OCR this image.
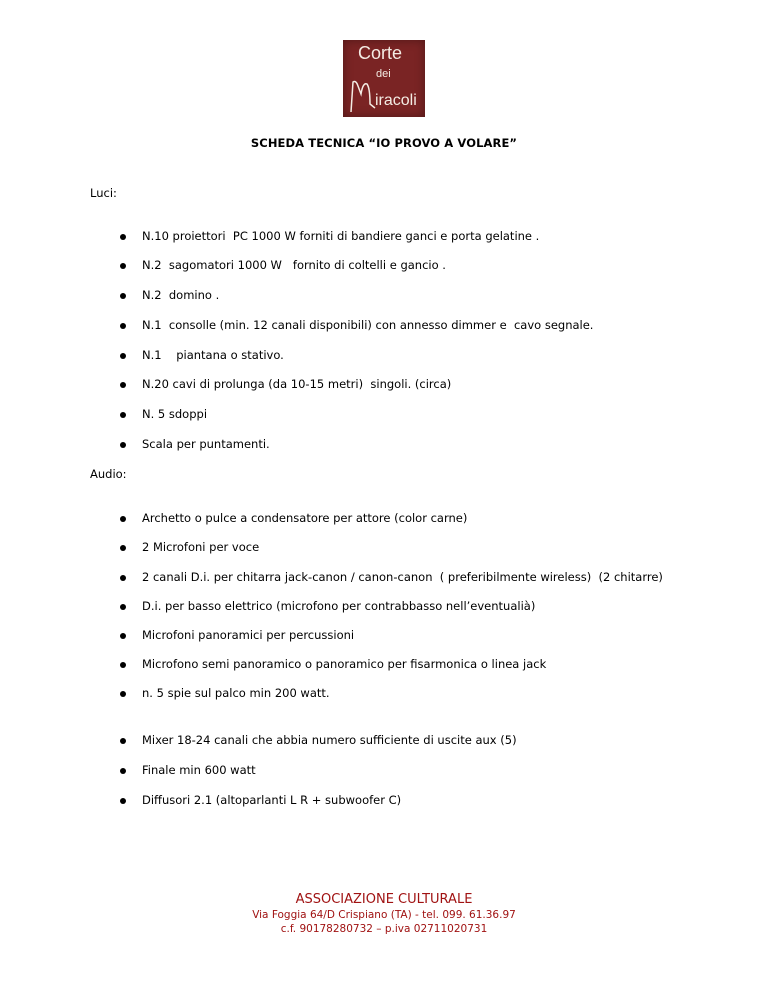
Corte
dei
iracoli
SCHEDA TECNICA “IO PROVO A VOLARE”
Luci:
N.10 proiettori  PC 1000 W forniti di bandiere ganci e porta gelatine .
N.2  sagomatori 1000 W   fornito di coltelli e gancio .
N.2  domino .
N.1  consolle (min. 12 canali disponibili) con annesso dimmer e  cavo segnale.
N.1    piantana o stativo.
N.20 cavi di prolunga (da 10-15 metri)  singoli. (circa)
N. 5 sdoppi
Scala per puntamenti.
Audio:
Archetto o pulce a condensatore per attore (color carne)
2 Microfoni per voce
2 canali D.i. per chitarra jack-canon / canon-canon  ( preferibilmente wireless)  (2 chitarre)
D.i. per basso elettrico (microfono per contrabbasso nell’eventualià)
Microfoni panoramici per percussioni
Microfono semi panoramico o panoramico per fisarmonica o linea jack
n. 5 spie sul palco min 200 watt.
Mixer 18-24 canali che abbia numero sufficiente di uscite aux (5)
Finale min 600 watt
Diffusori 2.1 (altoparlanti L R + subwoofer C)
ASSOCIAZIONE CULTURALE
Via Foggia 64/D Crispiano (TA) - tel. 099. 61.36.97
c.f. 90178280732 – p.iva 02711020731
